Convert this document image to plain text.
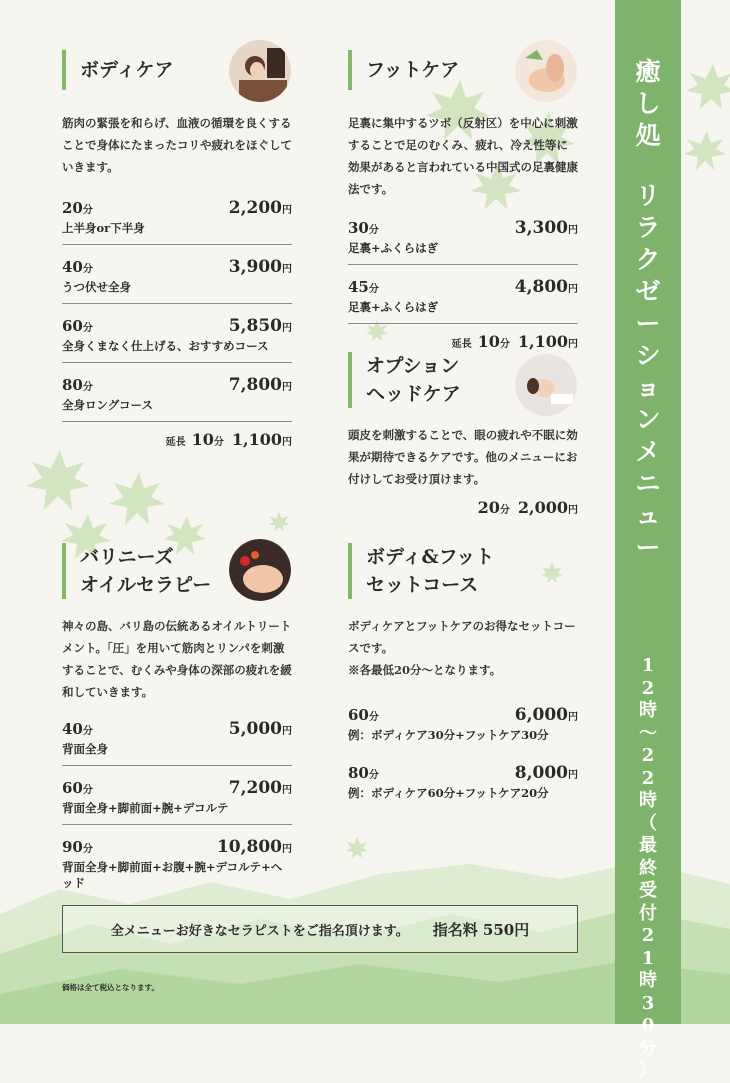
癒
し
処
リ
ラ
ク
ゼ
ー
シ
ョ
ン
メ
ニ
ュ
ー
1
2
時
〜
2
2
時
（
最
終
受
付
2
1
時
3
0
分
）
ボディケア
筋肉の緊張を和らげ、血液の循環を良くすることで身体にたまったコリや疲れをほぐしていきます。
20分	2,200円
上半身or下半身
40分	3,900円
うつ伏せ全身
60分	5,850円
全身くまなく仕上げる、おすすめコース
80分	7,800円
全身ロングコース
延長 10 分 1,100 円
フットケア
足裏に集中するツボ（反射区）を中心に刺激することで足のむくみ、疲れ、冷え性等に効果があると言われている中国式の足裏健康法です。
30分	3,300円
足裏+ふくらはぎ
45分	4,800円
足裏+ふくらはぎ
延長 10 分 1,100 円
オプション
ヘッドケア
頭皮を刺激することで、眼の疲れや不眠に効果が期待できるケアです。他のメニューにお付けしてお受け頂けます。
20 分 2,000 円
バリニーズ
オイルセラピー
神々の島、バリ島の伝統あるオイルトリートメント。「圧」を用いて筋肉とリンパを刺激することで、むくみや身体の深部の疲れを緩和していきます。
40分	5,000円
背面全身
60分	7,200円
背面全身+脚前面+腕+デコルテ
90分	10,800円
背面全身+脚前面+お腹+腕+デコルテ+ヘッド
ボディ&フット
セットコース
ボディケアとフットケアのお得なセットコースです。
※各最低20分〜となります。
60分	6,000円
例：ボディケア30分+フットケア30分
80分	8,000円
例：ボディケア60分+フットケア20分
全メニューお好きなセラピストをご指名頂けます。 指名料 550円
価格は全て税込となります。
